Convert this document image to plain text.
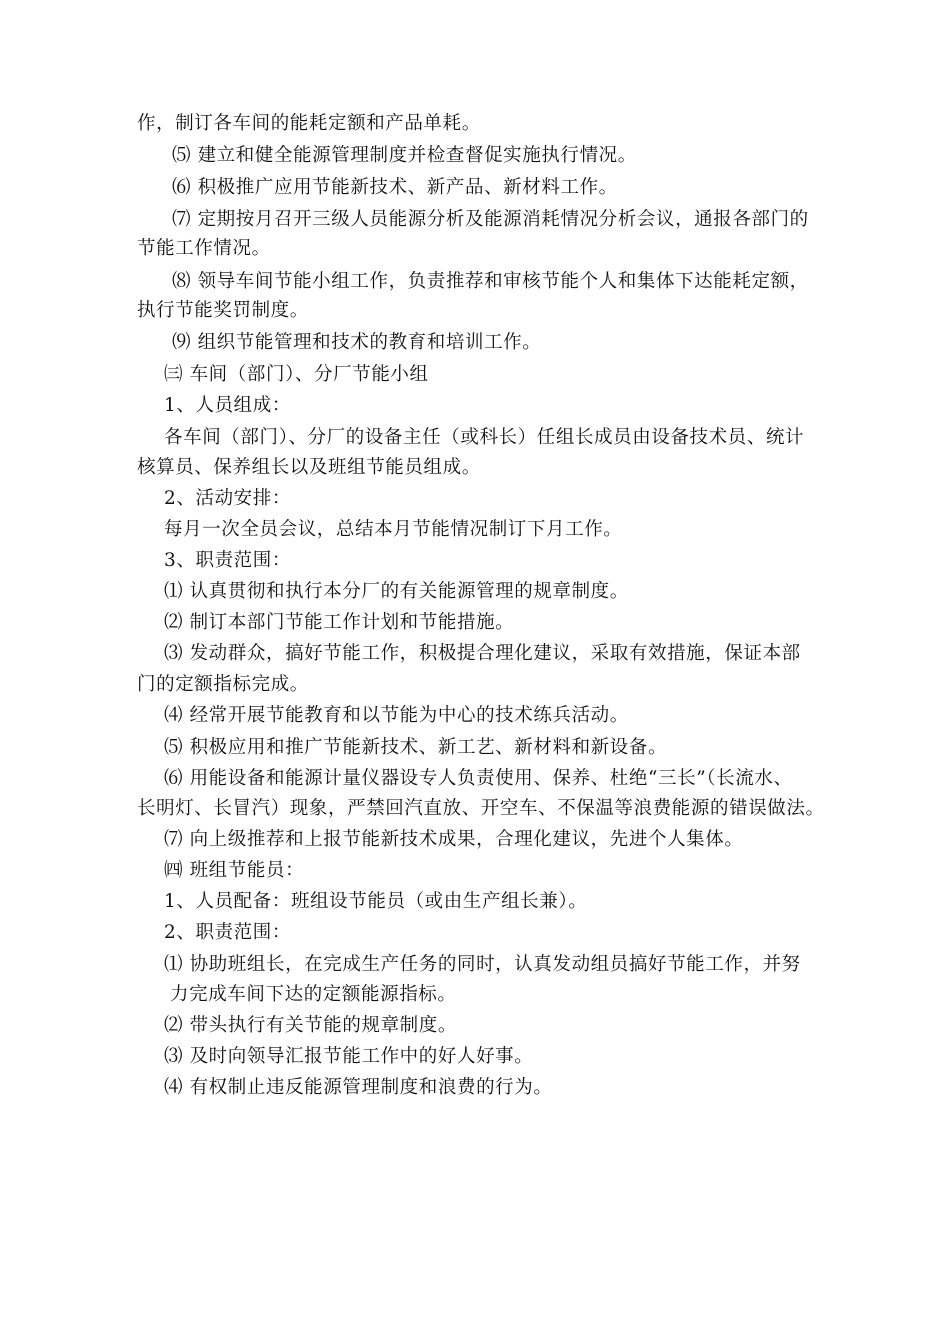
作，制订各车间的能耗定额和产品单耗。
⑸ 建立和健全能源管理制度并检查督促实施执行情况。
⑹ 积极推广应用节能新技术、新产品、新材料工作。
⑺ 定期按月召开三级人员能源分析及能源消耗情况分析会议，通报各部门的
节能工作情况。
⑻ 领导车间节能小组工作，负责推荐和审核节能个人和集体下达能耗定额，
执行节能奖罚制度。
⑼ 组织节能管理和技术的教育和培训工作。
㈢ 车间（部门）、分厂节能小组
1、人员组成：
各车间（部门）、分厂的设备主任（或科长）任组长成员由设备技术员、统计
核算员、保养组长以及班组节能员组成。
2、活动安排：
每月一次全员会议，总结本月节能情况制订下月工作。
3、职责范围：
⑴ 认真贯彻和执行本分厂的有关能源管理的规章制度。
⑵ 制订本部门节能工作计划和节能措施。
⑶ 发动群众，搞好节能工作，积极提合理化建议，采取有效措施，保证本部
门的定额指标完成。
⑷ 经常开展节能教育和以节能为中心的技术练兵活动。
⑸ 积极应用和推广节能新技术、新工艺、新材料和新设备。
⑹ 用能设备和能源计量仪器设专人负责使用、保养、杜绝“三长”（长流水、
长明灯、长冒汽）现象，严禁回汽直放、开空车、不保温等浪费能源的错误做法。
⑺ 向上级推荐和上报节能新技术成果，合理化建议，先进个人集体。
㈣ 班组节能员：
1、人员配备：班组设节能员（或由生产组长兼）。
2、职责范围：
⑴ 协助班组长，在完成生产任务的同时，认真发动组员搞好节能工作，并努
力完成车间下达的定额能源指标。
⑵ 带头执行有关节能的规章制度。
⑶ 及时向领导汇报节能工作中的好人好事。
⑷ 有权制止违反能源管理制度和浪费的行为。
